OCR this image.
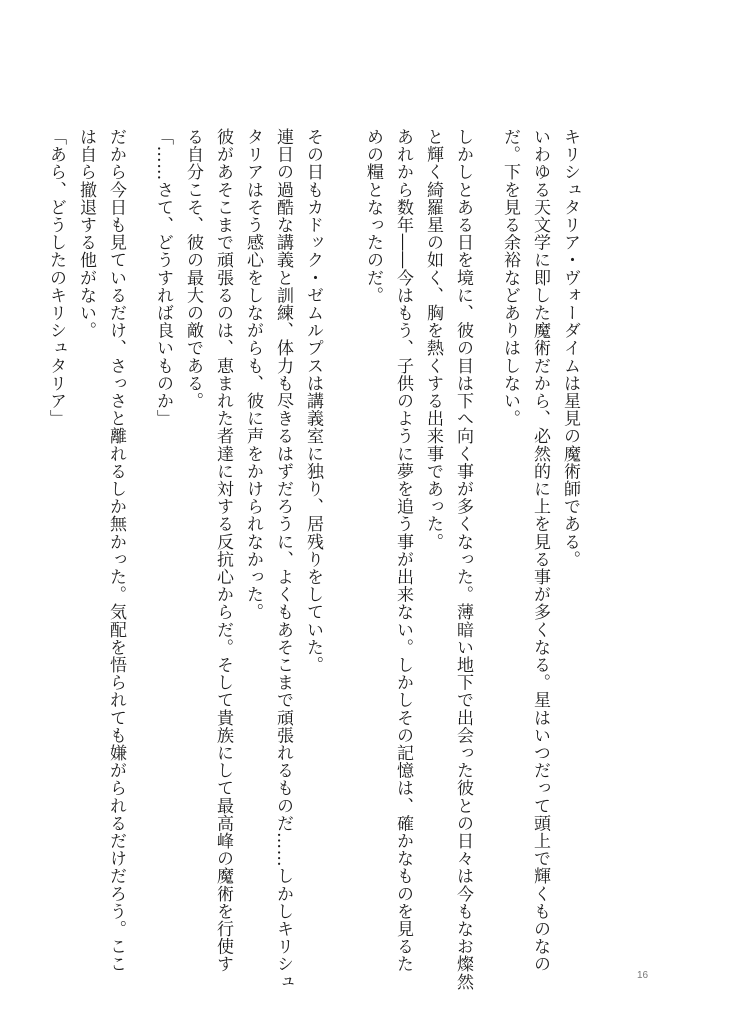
キリシュタリア・ヴォーダイムは星見の魔術師である。
いわゆる天文学に即した魔術だから、必然的に上を見る事が多くなる。星はいつだって頭上で輝くものなの
だ。下を見る余裕などありはしない。
しかしとある日を境に、彼の目は下へ向く事が多くなった。薄暗い地下で出会った彼との日々は今もなお燦然
と輝く綺羅星の如く、胸を熱くする出来事であった。
あれから数年――今はもう、子供のように夢を追う事が出来ない。しかしその記憶は、確かなものを見るた
めの糧となったのだ。
その日もカドック・ゼムルプスは講義室に独り、居残りをしていた。
連日の過酷な講義と訓練、体力も尽きるはずだろうに、よくもあそこまで頑張れるものだ……しかしキリシュ
タリアはそう感心をしながらも、彼に声をかけられなかった。
彼があそこまで頑張るのは、恵まれた者達に対する反抗心からだ。そして貴族にして最高峰の魔術を行使す
る自分こそ、彼の最大の敵である。
「……さて、どうすれば良いものか」
だから今日も見ているだけ、さっさと離れるしか無かった。気配を悟られても嫌がられるだけだろう。ここ
は自ら撤退する他がない。
「あら、どうしたのキリシュタリア」
16
